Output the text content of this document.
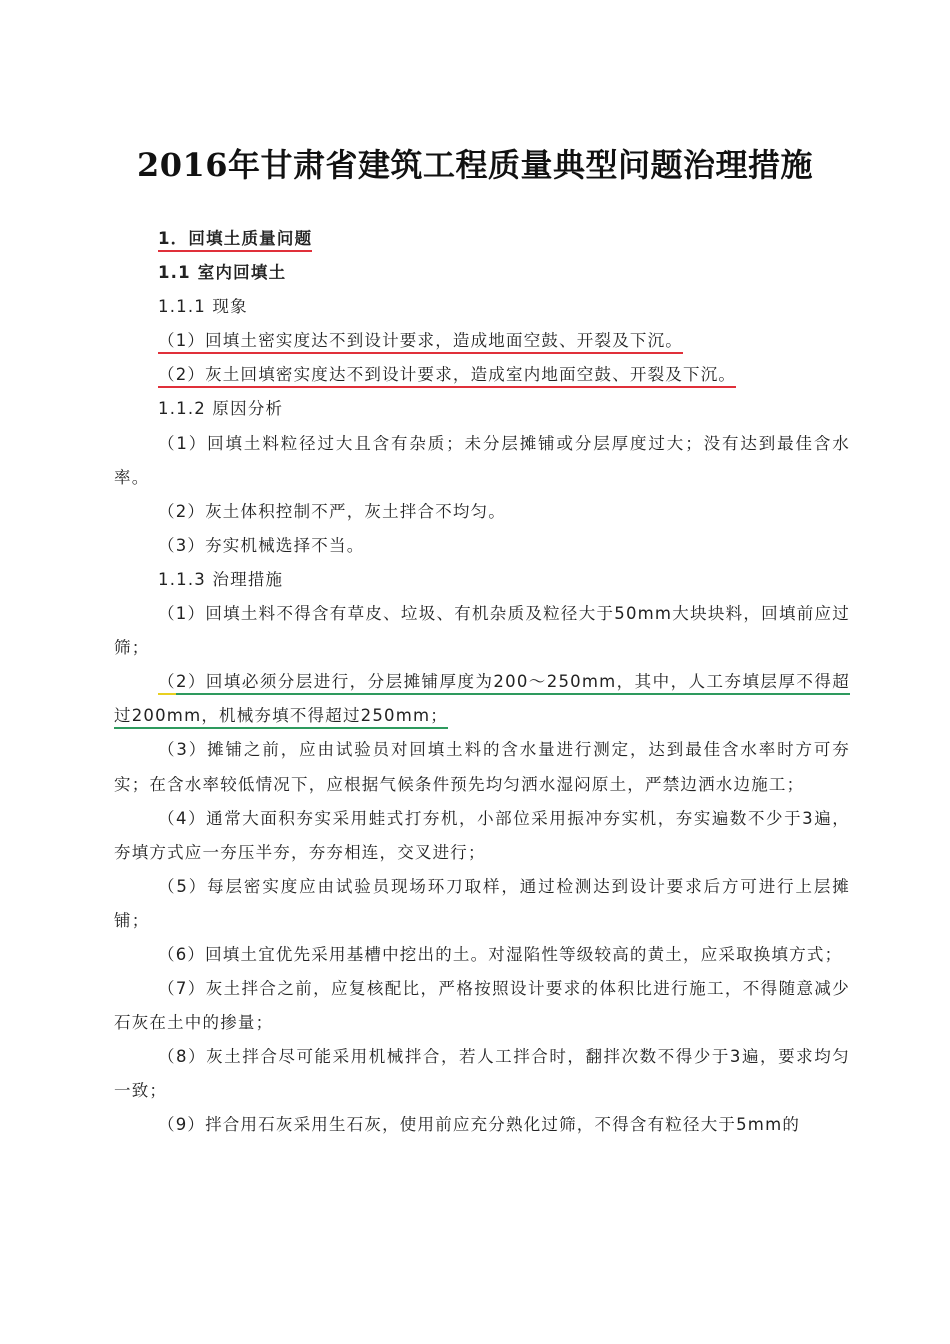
2016年甘肃省建筑工程质量典型问题治理措施

1．回填土质量问题

1.1 室内回填土

1.1.1 现象

（1）回填土密实度达不到设计要求，造成地面空鼓、开裂及下沉。

（2）灰土回填密实度达不到设计要求，造成室内地面空鼓、开裂及下沉。

1.1.2 原因分析

（1）回填土料粒径过大且含有杂质；未分层摊铺或分层厚度过大；没有达到最佳含水率。

（2）灰土体积控制不严，灰土拌合不均匀。

（3）夯实机械选择不当。

1.1.3 治理措施

（1）回填土料不得含有草皮、垃圾、有机杂质及粒径大于50mm大块块料，回填前应过筛；

（2）回填必须分层进行，分层摊铺厚度为200～250mm，其中，人工夯填层厚不得超过200mm，机械夯填不得超过250mm；

（3）摊铺之前，应由试验员对回填土料的含水量进行测定，达到最佳含水率时方可夯实；在含水率较低情况下，应根据气候条件预先均匀洒水湿闷原土，严禁边洒水边施工；

（4）通常大面积夯实采用蛙式打夯机，小部位采用振冲夯实机，夯实遍数不少于3遍，夯填方式应一夯压半夯，夯夯相连，交叉进行；

（5）每层密实度应由试验员现场环刀取样，通过检测达到设计要求后方可进行上层摊铺；

（6）回填土宜优先采用基槽中挖出的土。对湿陷性等级较高的黄土，应采取换填方式；

（7）灰土拌合之前，应复核配比，严格按照设计要求的体积比进行施工，不得随意减少石灰在土中的掺量；

（8）灰土拌合尽可能采用机械拌合，若人工拌合时，翻拌次数不得少于3遍，要求均匀一致；

（9）拌合用石灰采用生石灰，使用前应充分熟化过筛，不得含有粒径大于5mm的
